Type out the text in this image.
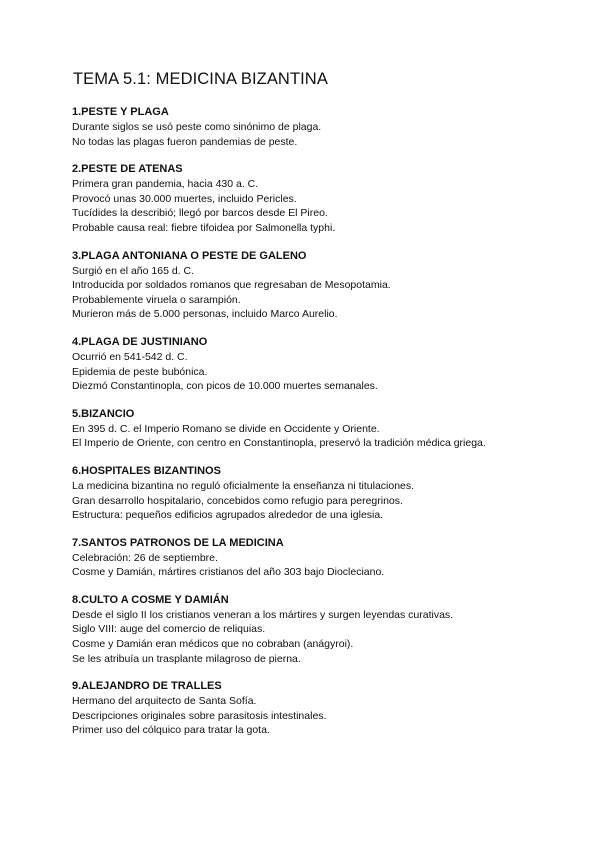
TEMA 5.1: MEDICINA BIZANTINA

1.PESTE Y PLAGA

Durante siglos se usó peste como sinónimo de plaga.

No todas las plagas fueron pandemias de peste.

2.PESTE DE ATENAS

Primera gran pandemia, hacia 430 a. C.

Provocó unas 30.000 muertes, incluido Pericles.

Tucídides la describió; llegó por barcos desde El Pireo.

Probable causa real: fiebre tifoidea por Salmonella typhi.

3.PLAGA ANTONIANA O PESTE DE GALENO

Surgió en el año 165 d. C.

Introducida por soldados romanos que regresaban de Mesopotamia.

Probablemente viruela o sarampión.

Murieron más de 5.000 personas, incluido Marco Aurelio.

4.PLAGA DE JUSTINIANO

Ocurrió en 541-542 d. C.

Epidemia de peste bubónica.

Diezmó Constantinopla, con picos de 10.000 muertes semanales.

5.BIZANCIO

En 395 d. C. el Imperio Romano se divide en Occidente y Oriente.

El Imperio de Oriente, con centro en Constantinopla, preservó la tradición médica griega.

6.HOSPITALES BIZANTINOS

La medicina bizantina no reguló oficialmente la enseñanza ni titulaciones.

Gran desarrollo hospitalario, concebidos como refugio para peregrinos.

Estructura: pequeños edificios agrupados alrededor de una iglesia.

7.SANTOS PATRONOS DE LA MEDICINA

Celebración: 26 de septiembre.

Cosme y Damián, mártires cristianos del año 303 bajo Diocleciano.

8.CULTO A COSME Y DAMIÁN

Desde el siglo II los cristianos veneran a los mártires y surgen leyendas curativas.

Siglo VIII: auge del comercio de reliquias.

Cosme y Damián eran médicos que no cobraban (anágyroi).

Se les atribuía un trasplante milagroso de pierna.

9.ALEJANDRO DE TRALLES

Hermano del arquitecto de Santa Sofía.

Descripciones originales sobre parasitosis intestinales.

Primer uso del cólquico para tratar la gota.
